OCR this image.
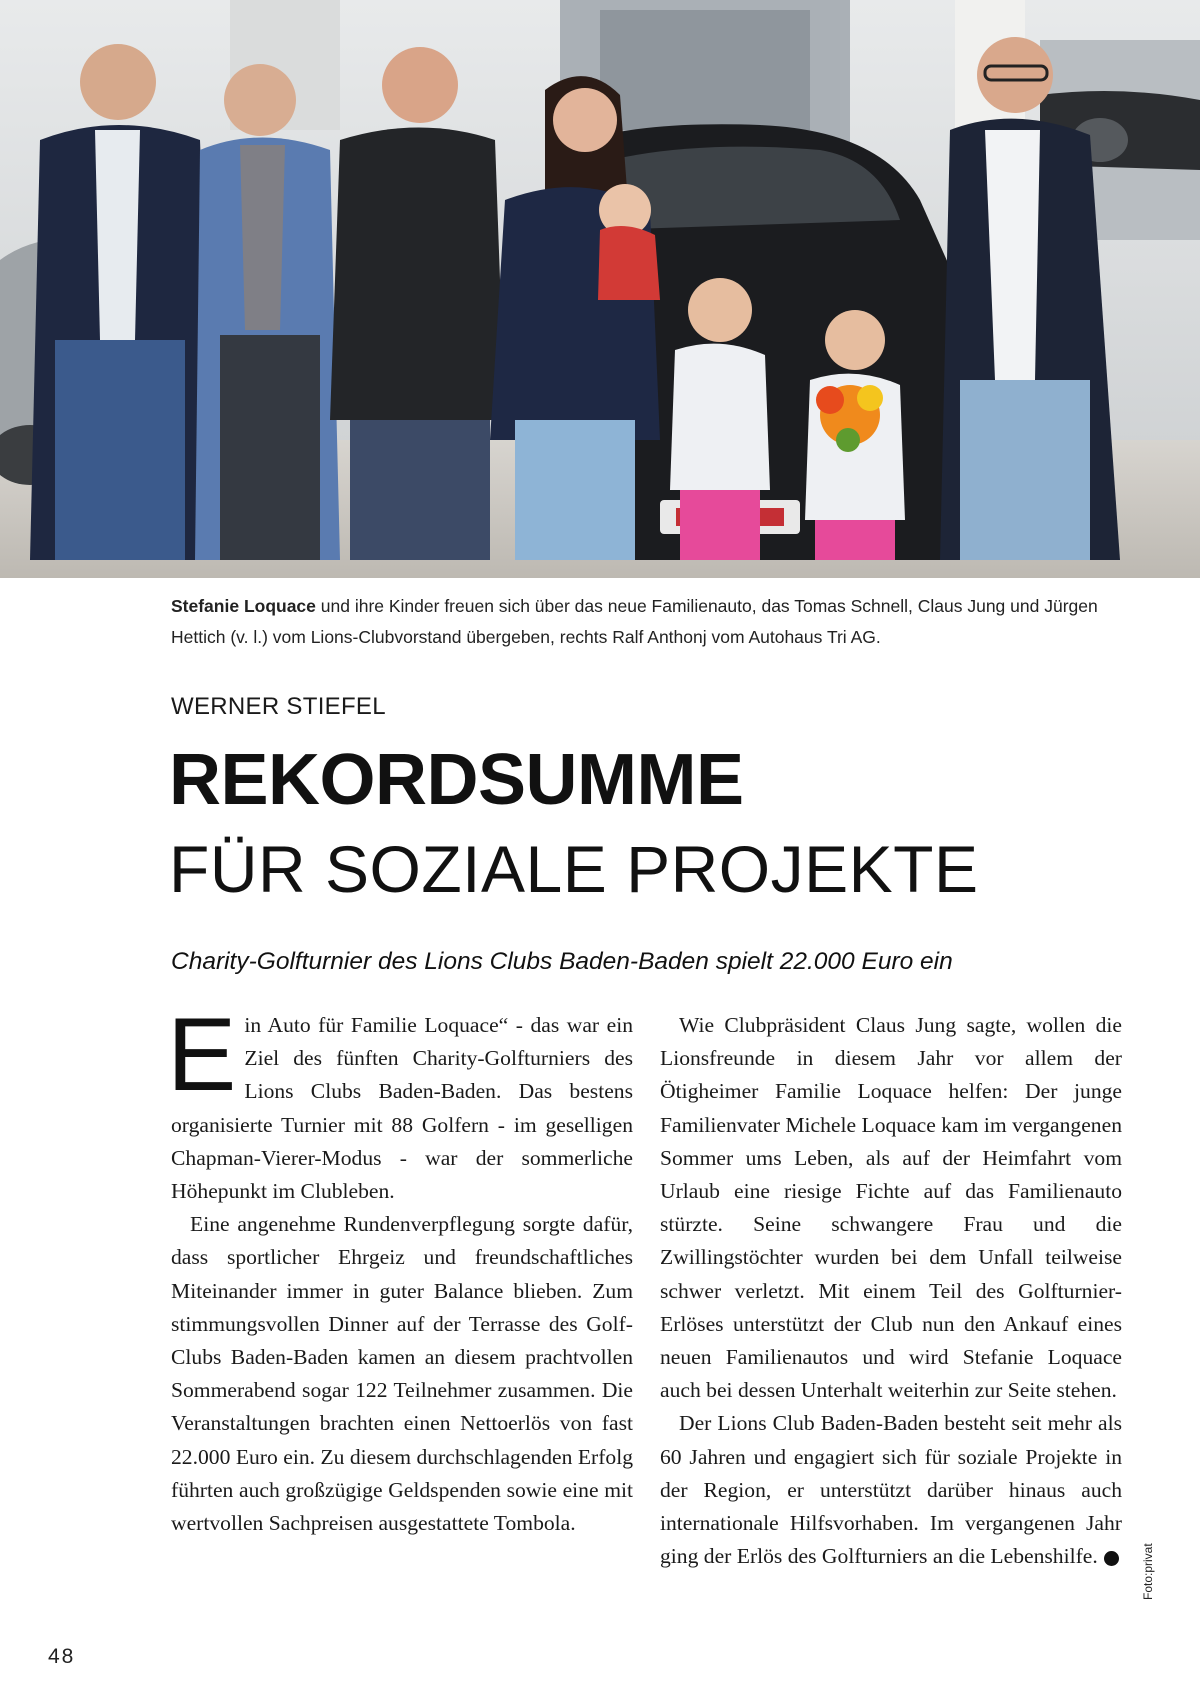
Stefanie Loquace und ihre Kinder freuen sich über das neue Familienauto, das Tomas Schnell, Claus Jung und Jürgen Hettich (v. l.) vom Lions-Clubvorstand übergeben, rechts Ralf Anthonj vom Autohaus Tri AG.
WERNER STIEFEL
REKORDSUMME
FÜR SOZIALE PROJEKTE
Charity-Golfturnier des Lions Clubs Baden-Baden spielt 22.000 Euro ein

Ein Auto für Familie Loquace“ - das war ein Ziel des fünften Charity-Golfturniers des Lions Clubs Baden-Baden. Das bestens organisierte Turnier mit 88 Golfern - im geselligen Chapman-Vierer-Modus - war der sommerliche Höhepunkt im Clubleben.

Eine angenehme Rundenverpflegung sorgte dafür, dass sportlicher Ehrgeiz und freundschaftliches Miteinander immer in guter Balance blieben. Zum stimmungsvollen Dinner auf der Terrasse des Golf-Clubs Baden-Baden kamen an diesem prachtvollen Sommerabend sogar 122 Teilnehmer zusammen. Die Veranstaltungen brachten einen Nettoerlös von fast 22.000 Euro ein. Zu diesem durchschlagenden Erfolg führten auch großzügige Geldspenden sowie eine mit wertvollen Sachpreisen ausgestattete Tombola.

Wie Clubpräsident Claus Jung sagte, wollen die Lionsfreunde in diesem Jahr vor allem der Ötigheimer Familie Loquace helfen: Der junge Familienvater Michele Loquace kam im vergangenen Sommer ums Leben, als auf der Heimfahrt vom Urlaub eine riesige Fichte auf das Familienauto stürzte. Seine schwangere Frau und die Zwillingstöchter wurden bei dem Unfall teilweise schwer verletzt. Mit einem Teil des Golfturnier-Erlöses unterstützt der Club nun den Ankauf eines neuen Familienautos und wird Stefanie Loquace auch bei dessen Unterhalt weiterhin zur Seite stehen.

Der Lions Club Baden-Baden besteht seit mehr als 60 Jahren und engagiert sich für soziale Projekte in der Region, er unterstützt darüber hinaus auch internationale Hilfsvorhaben. Im vergangenen Jahr ging der Erlös des Golfturniers an die Lebenshilfe.	L Foto:privat
48
